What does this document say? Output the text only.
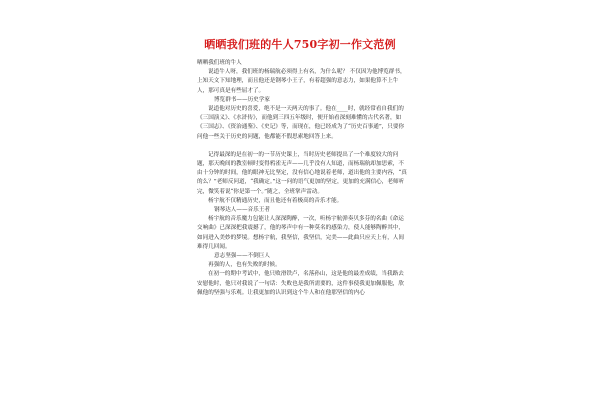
晒晒我们班的牛人750字初一作文范例

晒晒我们班的牛人

说道牛人呀，我们班的杨瑞航必须得上有名，为什么呢？ 不仅因为他博览群书，上知天文下知地理，而且他还是钢琴小王子，有着超强的意志力，如果他算不上牛人，那可真是有些屈才了。

博览群书——历史学家

说道他对历史的喜爱，绝不是一天两天的事了。他在____时，就经常看自我们的《三国演义》、《水浒传》，而他到三四五年级时，便开始看深刻难懂的古代名著，如《三国志》、《资治通鉴》、《史记》等，而现在，他已经成为了“历史百事通”，只要你问他一些关于历史的问题，他都能不假思索地回答上来。

记得最深的是在初一的一节历史课上，当时历史老师提出了一个难度较大的问题，那天晚间的教室顿时变得鸦雀无声——几乎没有人知道，而杨瑞航却加思索，不由十分钟的时间，他的眼神无比坚定，没有信心地说着老师，道出他的主要内容，“真的么？”老师反问道，“我确定。”这一问的语气更加的坚定，更加的充满信心，老师听完，微笑着说“你是第一个。”随之，全班掌声雷动。

杨宇航不仅精通历史，而且他还有着极高的音乐才能。

钢琴达人——音乐王者

杨宇航的音乐魔力包能让人深深陶醉，一次，听杨宇航弹奏贝多芬的名曲《命运交响曲》已深深把我震撼了，他的琴声中有一种莫名的感染力，使人能够陶醉其中，如同进入美妙的梦境。想杨宇航，我坚信，我坚信，完美——此曲只应天上有，人间难得几回闻。

意志坚强——不倒巨人

再强的人，也有失败的时候。

在初一的期中考试中，他只败滑铁卢，名落孙山，这是他的最差成绩，当我路去安慰他时，他只对我说了一句话：失败也是我所需要的，这件事使我更加佩服他，欣佩他的坚强与乐观。让我更加的认识到这个牛人和在他那坚信的内心
